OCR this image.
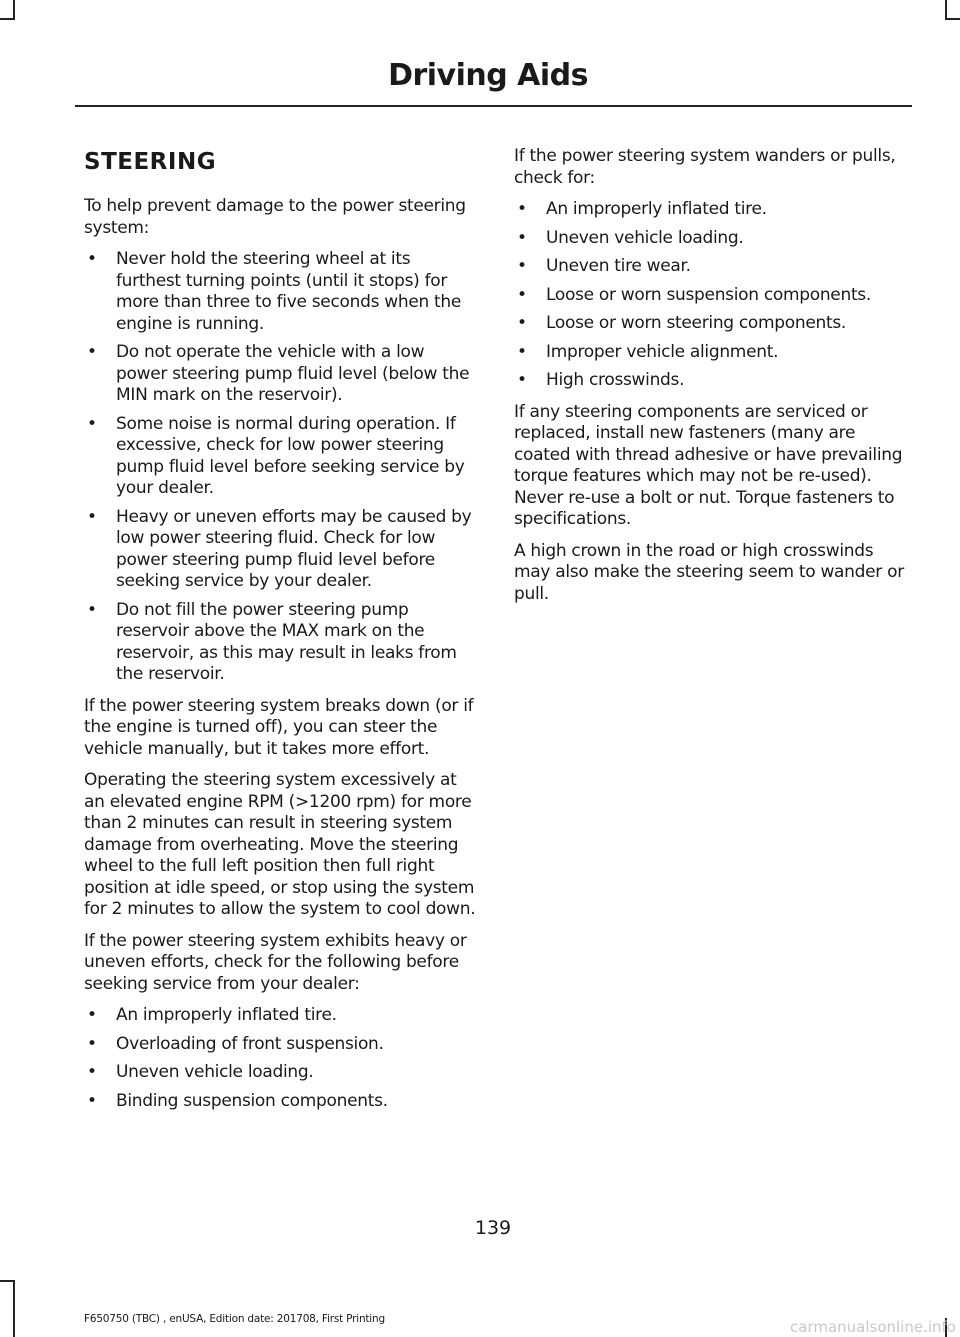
Driving Aids
STEERING

To help prevent damage to the power steering system:

• Never hold the steering wheel at its furthest turning points (until it stops) for more than three to five seconds when the engine is running.
• Do not operate the vehicle with a low power steering pump fluid level (below the MIN mark on the reservoir).
• Some noise is normal during operation. If excessive, check for low power steering pump fluid level before seeking service by your dealer.
• Heavy or uneven efforts may be caused by low power steering fluid. Check for low power steering pump fluid level before seeking service by your dealer.
• Do not fill the power steering pump reservoir above the MAX mark on the reservoir, as this may result in leaks from the reservoir.

If the power steering system breaks down (or if the engine is turned off), you can steer the vehicle manually, but it takes more effort.

Operating the steering system excessively at an elevated engine RPM (>1200 rpm) for more than 2 minutes can result in steering system damage from overheating. Move the steering wheel to the full left position then full right position at idle speed, or stop using the system for 2 minutes to allow the system to cool down.

If the power steering system exhibits heavy or uneven efforts, check for the following before seeking service from your dealer:

• An improperly inflated tire.
• Overloading of front suspension.
• Uneven vehicle loading.
• Binding suspension components.

If the power steering system wanders or pulls, check for:

• An improperly inflated tire.
• Uneven vehicle loading.
• Uneven tire wear.
• Loose or worn suspension components.
• Loose or worn steering components.
• Improper vehicle alignment.
• High crosswinds.

If any steering components are serviced or replaced, install new fasteners (many are coated with thread adhesive or have prevailing torque features which may not be re-used). Never re-use a bolt or nut. Torque fasteners to specifications.

A high crown in the road or high crosswinds may also make the steering seem to wander or pull.

139
F650750 (TBC) , enUSA, Edition date: 201708, First Printing	carmanualsonline.info
